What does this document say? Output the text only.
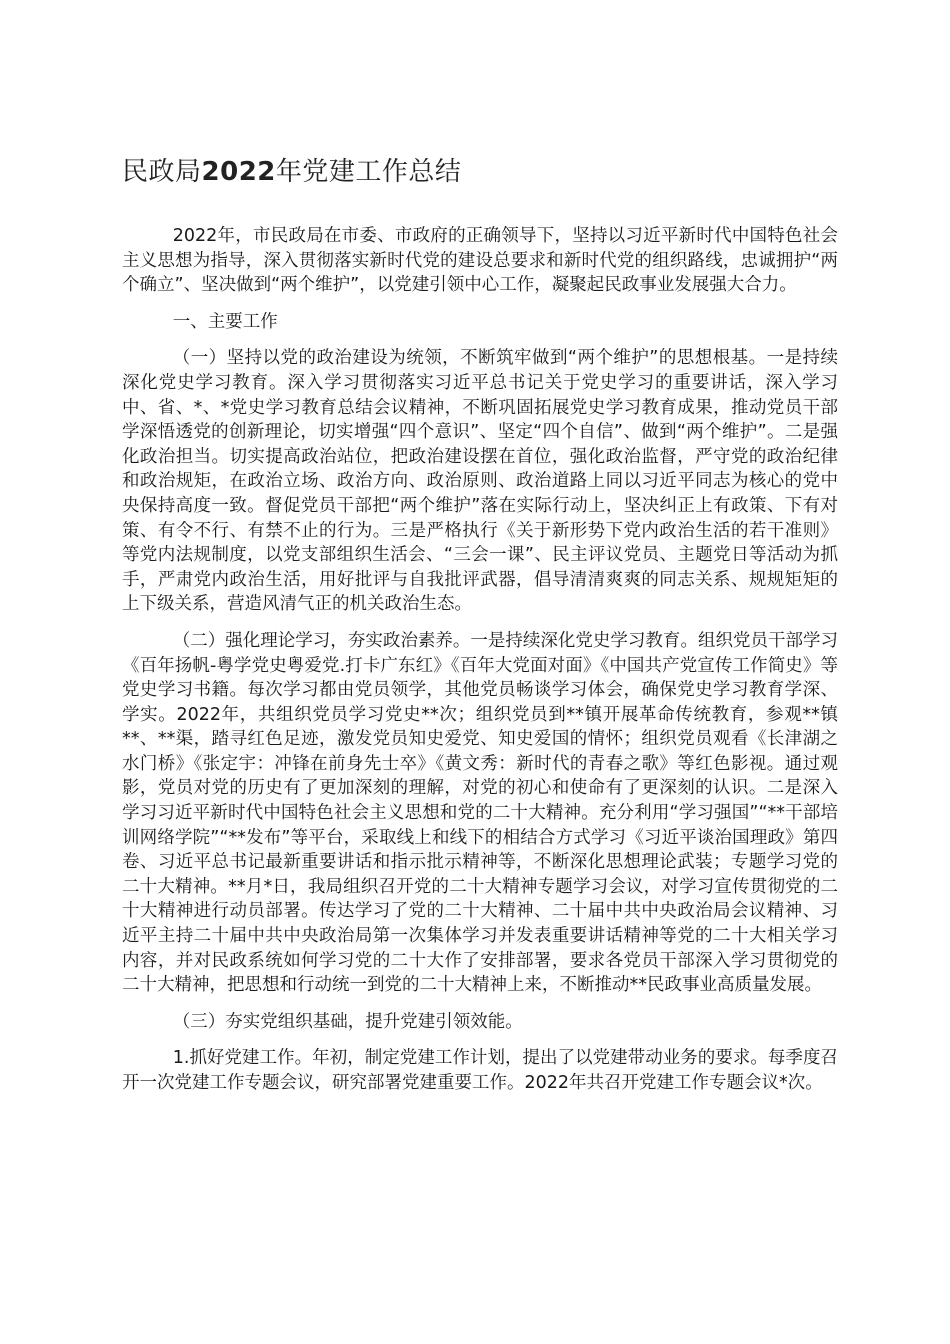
民政局2022年党建工作总结

2022年，市民政局在市委、市政府的正确领导下，坚持以习近平新时代中国特色社会主义思想为指导，深入贯彻落实新时代党的建设总要求和新时代党的组织路线，忠诚拥护“两个确立”、坚决做到“两个维护”，以党建引领中心工作，凝聚起民政事业发展强大合力。

一、主要工作

（一）坚持以党的政治建设为统领，不断筑牢做到“两个维护”的思想根基。一是持续深化党史学习教育。深入学习贯彻落实习近平总书记关于党史学习的重要讲话，深入学习中、省、*、*党史学习教育总结会议精神，不断巩固拓展党史学习教育成果，推动党员干部学深悟透党的创新理论，切实增强“四个意识”、坚定“四个自信”、做到“两个维护”。二是强化政治担当。切实提高政治站位，把政治建设摆在首位，强化政治监督，严守党的政治纪律和政治规矩，在政治立场、政治方向、政治原则、政治道路上同以习近平同志为核心的党中央保持高度一致。督促党员干部把“两个维护”落在实际行动上，坚决纠正上有政策、下有对策、有令不行、有禁不止的行为。三是严格执行《关于新形势下党内政治生活的若干准则》等党内法规制度，以党支部组织生活会、“三会一课”、民主评议党员、主题党日等活动为抓手，严肃党内政治生活，用好批评与自我批评武器，倡导清清爽爽的同志关系、规规矩矩的上下级关系，营造风清气正的机关政治生态。

（二）强化理论学习，夯实政治素养。一是持续深化党史学习教育。组织党员干部学习《百年扬帆-粤学党史粤爱党.打卡广东红》《百年大党面对面》《中国共产党宣传工作简史》等党史学习书籍。每次学习都由党员领学，其他党员畅谈学习体会，确保党史学习教育学深、学实。2022年，共组织党员学习党史**次；组织党员到**镇开展革命传统教育，参观**镇**、**渠，踏寻红色足迹，激发党员知史爱党、知史爱国的情怀；组织党员观看《长津湖之水门桥》《张定宇：冲锋在前身先士卒》《黄文秀：新时代的青春之歌》等红色影视。通过观影，党员对党的历史有了更加深刻的理解，对党的初心和使命有了更深刻的认识。二是深入学习习近平新时代中国特色社会主义思想和党的二十大精神。充分利用“学习强国”“**干部培训网络学院”“**发布”等平台，采取线上和线下的相结合方式学习《习近平谈治国理政》第四卷、习近平总书记最新重要讲话和指示批示精神等，不断深化思想理论武装；专题学习党的二十大精神。**月*日，我局组织召开党的二十大精神专题学习会议，对学习宣传贯彻党的二十大精神进行动员部署。传达学习了党的二十大精神、二十届中共中央政治局会议精神、习近平主持二十届中共中央政治局第一次集体学习并发表重要讲话精神等党的二十大相关学习内容，并对民政系统如何学习党的二十大作了安排部署，要求各党员干部深入学习贯彻党的二十大精神，把思想和行动统一到党的二十大精神上来，不断推动**民政事业高质量发展。

（三）夯实党组织基础，提升党建引领效能。

1.抓好党建工作。年初，制定党建工作计划，提出了以党建带动业务的要求。每季度召开一次党建工作专题会议，研究部署党建重要工作。2022年共召开党建工作专题会议*次。
